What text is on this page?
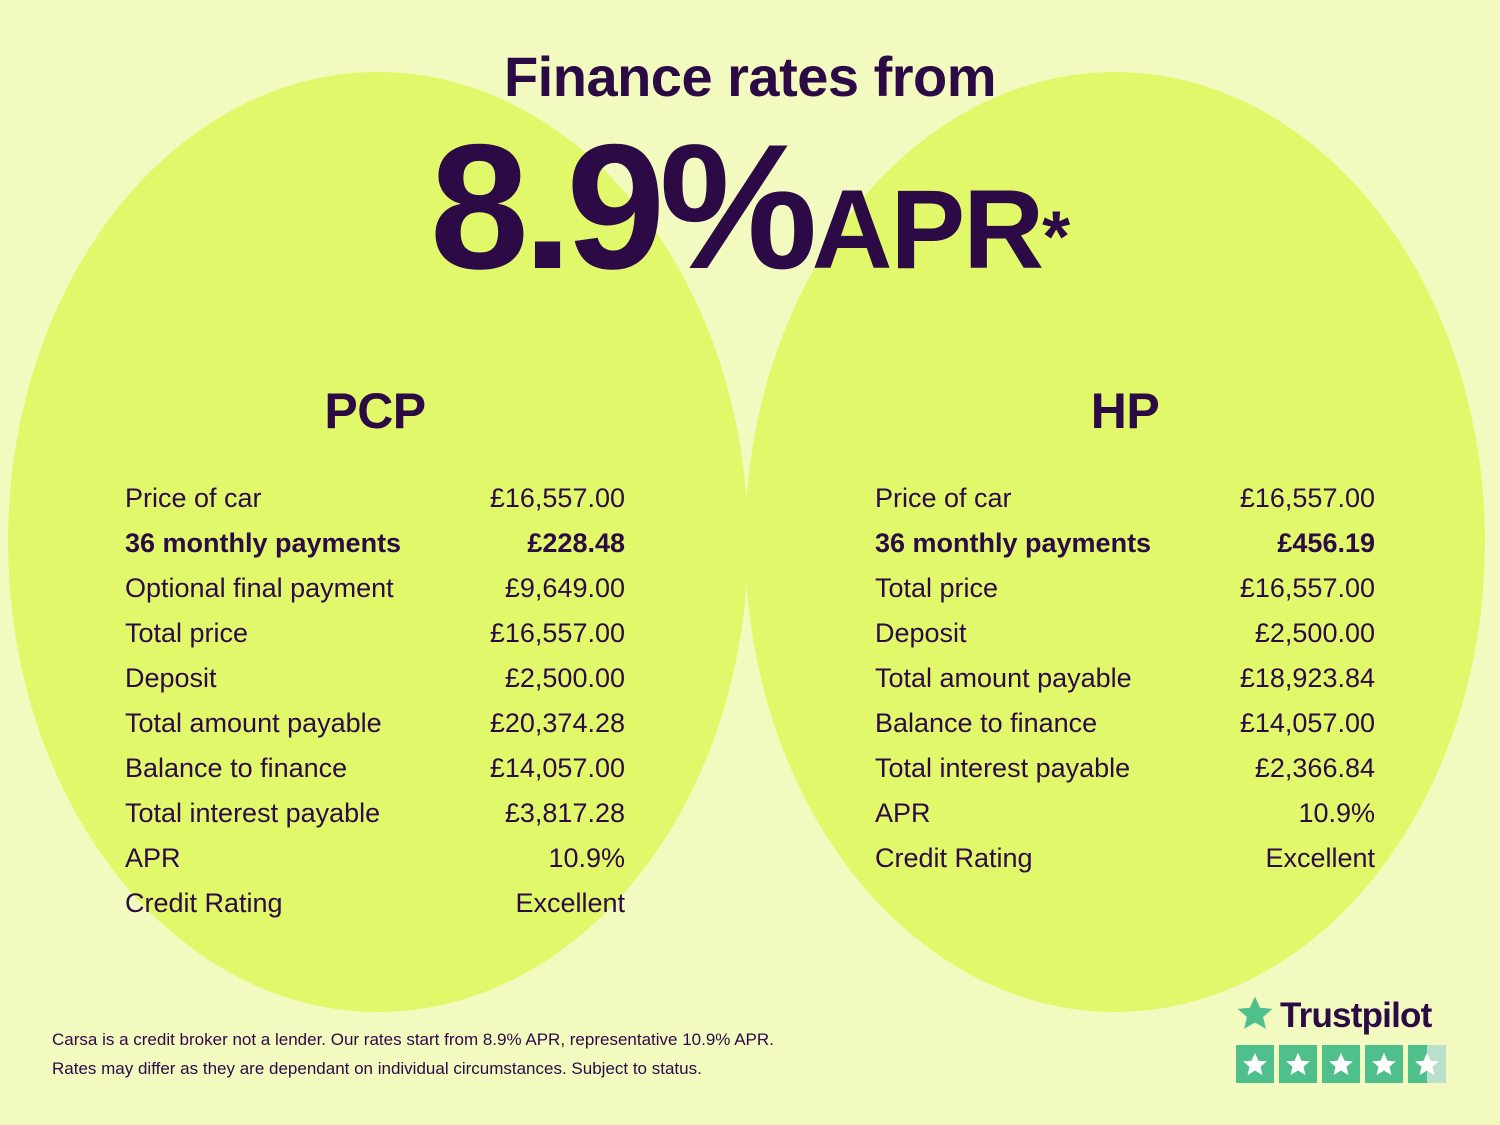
Finance rates from
8.9%APR*
PCP
Price of car	£16,557.00
36 monthly payments	£228.48
Optional final payment	£9,649.00
Total price	£16,557.00
Deposit	£2,500.00
Total amount payable	£20,374.28
Balance to finance	£14,057.00
Total interest payable	£3,817.28
APR	10.9%
Credit Rating	Excellent
HP
Price of car	£16,557.00
36 monthly payments	£456.19
Total price	£16,557.00
Deposit	£2,500.00
Total amount payable	£18,923.84
Balance to finance	£14,057.00
Total interest payable	£2,366.84
APR	10.9%
Credit Rating	Excellent
Carsa is a credit broker not a lender. Our rates start from 8.9% APR, representative 10.9% APR.
Rates may differ as they are dependant on individual circumstances. Subject to status.
Trustpilot
